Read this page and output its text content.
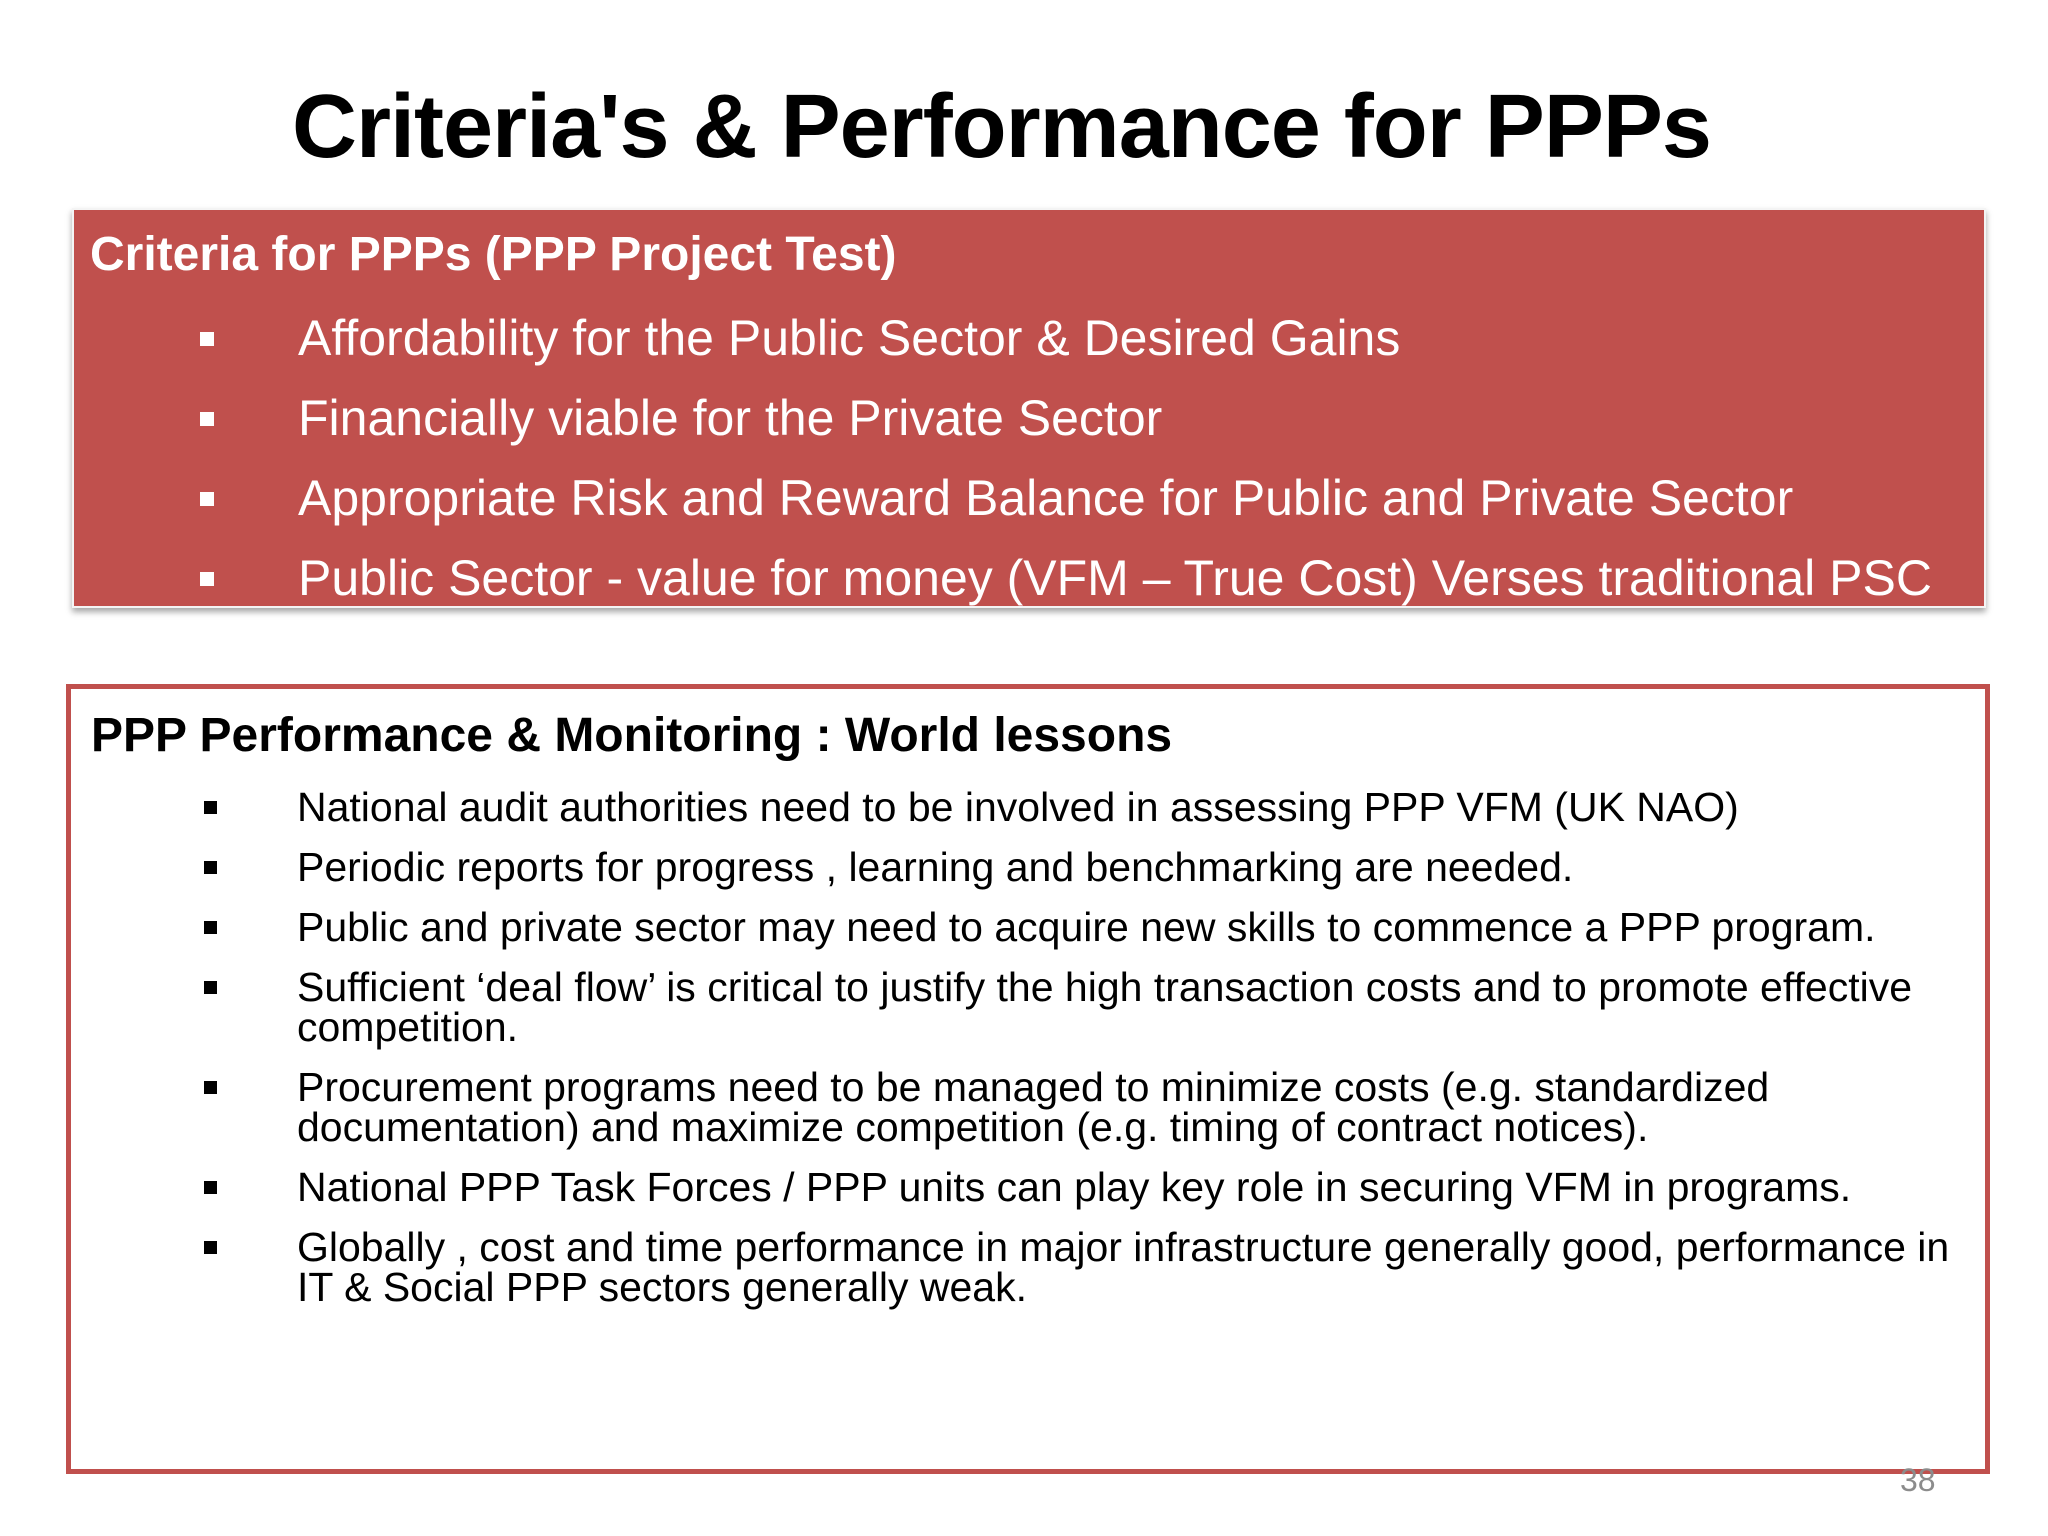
Criteria's & Performance for PPPs
Criteria for PPPs (PPP Project Test)
Affordability for the Public Sector & Desired Gains
Financially viable for the Private Sector
Appropriate Risk and Reward Balance for Public and Private Sector
Public Sector - value for money (VFM – True Cost) Verses traditional PSC
PPP Performance & Monitoring : World lessons
National audit authorities need to be involved in assessing PPP VFM (UK NAO)
Periodic reports for progress , learning and benchmarking are needed.
Public and private sector may need to acquire new skills to commence a PPP program.
Sufficient ‘deal flow’ is critical to justify the high transaction costs and to promote effective competition.
Procurement programs need to be managed to minimize costs (e.g. standardized documentation) and maximize competition (e.g. timing of contract notices).
National PPP Task Forces / PPP units can play key role in securing VFM in programs.
Globally , cost and time performance in major infrastructure generally good, performance in IT & Social PPP sectors generally weak.
38
